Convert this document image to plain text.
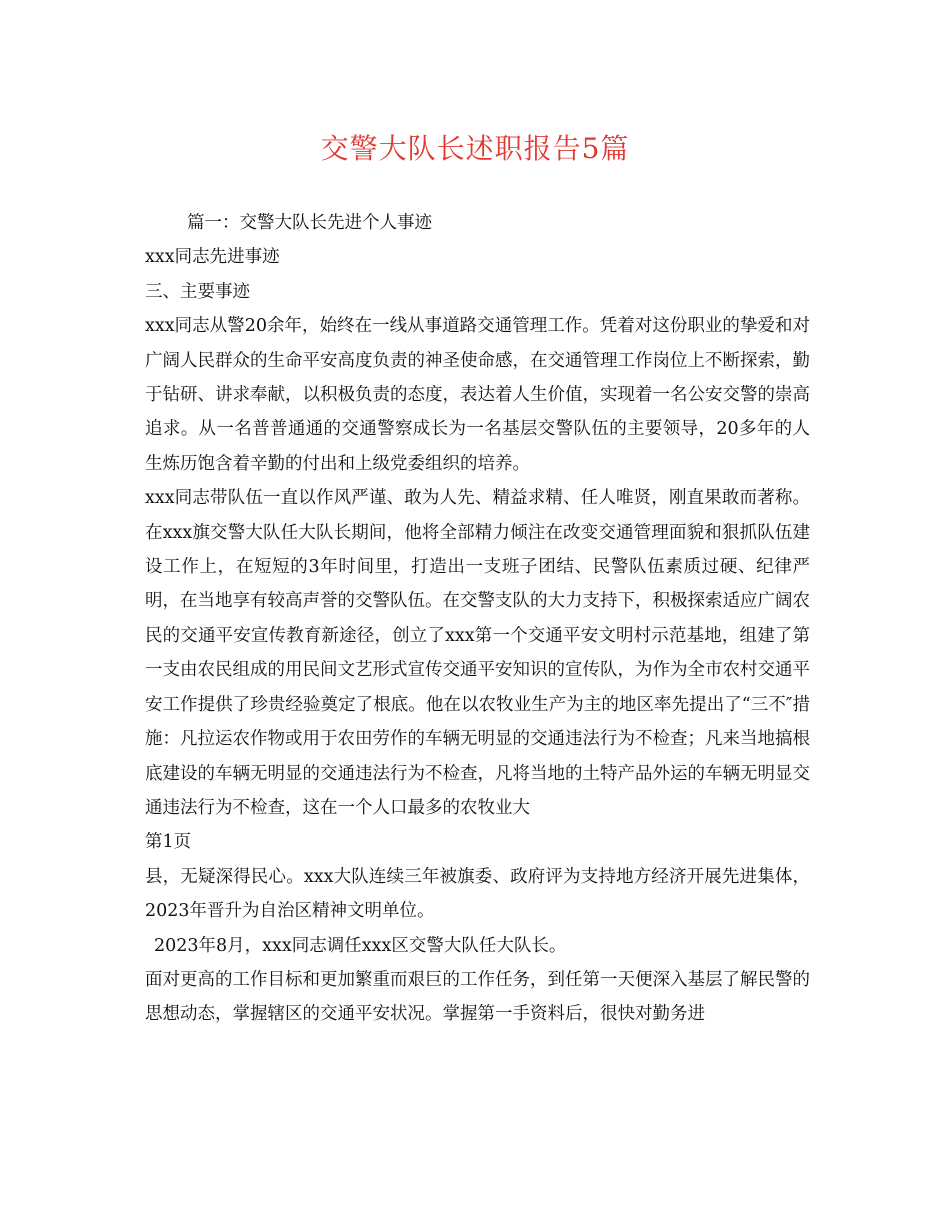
交警大队长述职报告5篇

篇一：交警大队长先进个人事迹

xxx同志先进事迹

三、主要事迹

xxx同志从警20余年，始终在一线从事道路交通管理工作。凭着对这份职业的挚爱和对广阔人民群众的生命平安高度负责的神圣使命感，在交通管理工作岗位上不断探索，勤于钻研、讲求奉献，以积极负责的态度，表达着人生价值，实现着一名公安交警的崇高追求。从一名普普通通的交通警察成长为一名基层交警队伍的主要领导，20多年的人生炼历饱含着辛勤的付出和上级党委组织的培养。

xxx同志带队伍一直以作风严谨、敢为人先、精益求精、任人唯贤，刚直果敢而著称。在xxx旗交警大队任大队长期间，他将全部精力倾注在改变交通管理面貌和狠抓队伍建设工作上，在短短的3年时间里，打造出一支班子团结、民警队伍素质过硬、纪律严明，在当地享有较高声誉的交警队伍。在交警支队的大力支持下，积极探索适应广阔农民的交通平安宣传教育新途径，创立了xxx第一个交通平安文明村示范基地，组建了第一支由农民组成的用民间文艺形式宣传交通平安知识的宣传队，为作为全市农村交通平安工作提供了珍贵经验奠定了根底。他在以农牧业生产为主的地区率先提出了“三不″措施：凡拉运农作物或用于农田劳作的车辆无明显的交通违法行为不检查；凡来当地搞根底建设的车辆无明显的交通违法行为不检查，凡将当地的土特产品外运的车辆无明显交通违法行为不检查，这在一个人口最多的农牧业大

第1页

县，无疑深得民心。xxx大队连续三年被旗委、政府评为支持地方经济开展先进集体，2023年晋升为自治区精神文明单位。

2023年8月，xxx同志调任xxx区交警大队任大队长。

面对更高的工作目标和更加繁重而艰巨的工作任务，到任第一天便深入基层了解民警的思想动态，掌握辖区的交通平安状况。掌握第一手资料后，很快对勤务进
